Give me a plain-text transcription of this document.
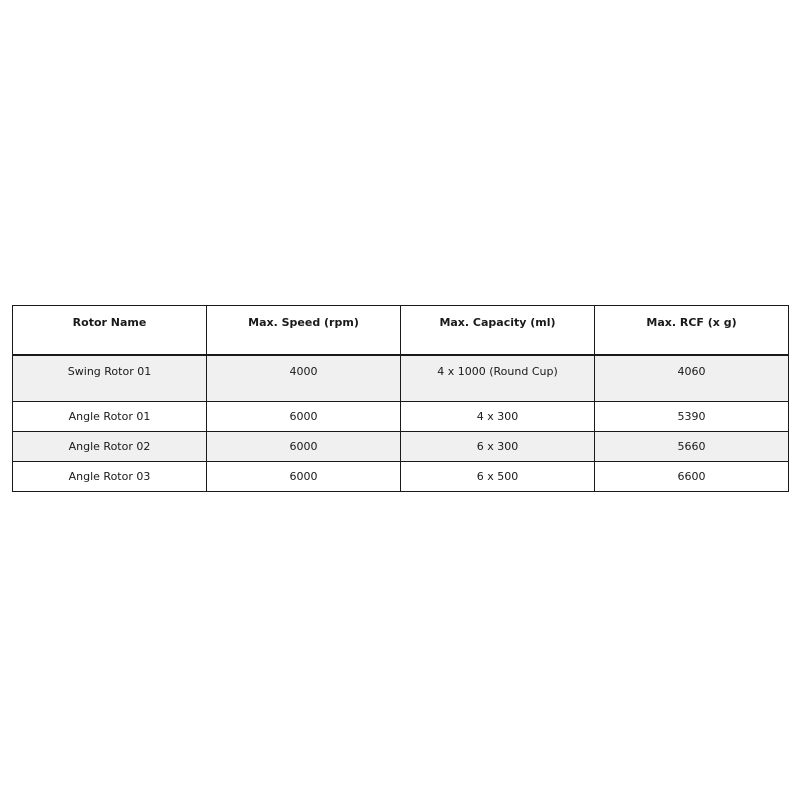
Rotor Name	Max. Speed (rpm)	Max. Capacity (ml)	Max. RCF (x g)
Swing Rotor 01	4000	4 x 1000 (Round Cup)	4060
Angle Rotor 01	6000	4 x 300	5390
Angle Rotor 02	6000	6 x 300	5660
Angle Rotor 03	6000	6 x 500	6600
